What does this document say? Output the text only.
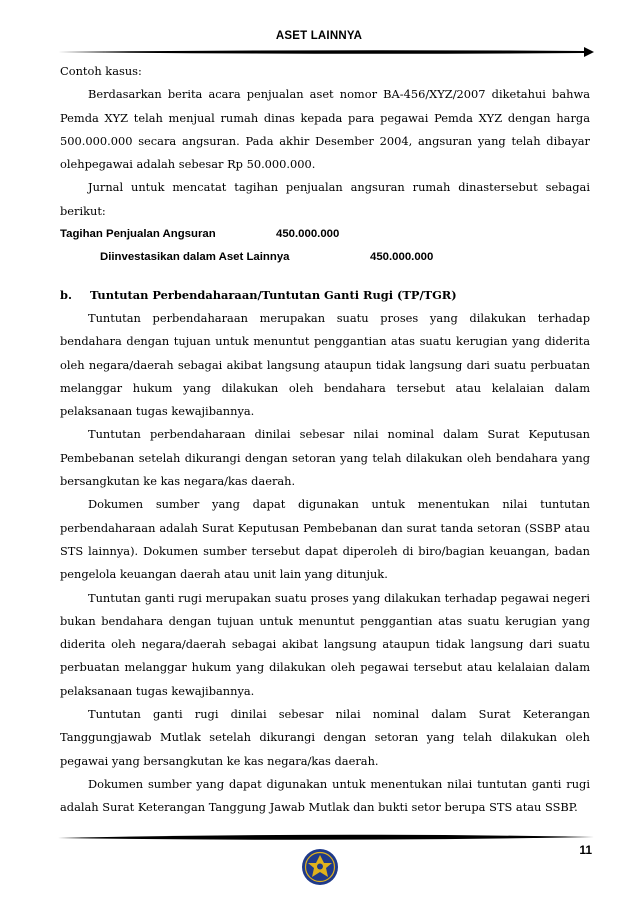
ASET LAINNYA

Contoh kasus:

Berdasarkan berita acara penjualan aset nomor BA-456/XYZ/2007 diketahui bahwa Pemda XYZ telah menjual rumah dinas kepada para pegawai Pemda XYZ dengan harga 500.000.000 secara angsuran. Pada akhir Desember 2004, angsuran yang telah dibayar olehpegawai adalah sebesar Rp 50.000.000.

Jurnal untuk mencatat tagihan penjualan angsuran rumah dinastersebut sebagai berikut:

Tagihan Penjualan Angsuran	450.000.000
Diinvestasikan dalam Aset Lainnya	450.000.000

b. Tuntutan Perbendaharaan/Tuntutan Ganti Rugi (TP/TGR)

Tuntutan perbendaharaan merupakan suatu proses yang dilakukan terhadap bendahara dengan tujuan untuk menuntut penggantian atas suatu kerugian yang diderita oleh negara/daerah sebagai akibat langsung ataupun tidak langsung dari suatu perbuatan melanggar hukum yang dilakukan oleh bendahara tersebut atau kelalaian dalam pelaksanaan tugas kewajibannya.

Tuntutan perbendaharaan dinilai sebesar nilai nominal dalam Surat Keputusan Pembebanan setelah dikurangi dengan setoran yang telah dilakukan oleh bendahara yang bersangkutan ke kas negara/kas daerah.

Dokumen sumber yang dapat digunakan untuk menentukan nilai tuntutan perbendaharaan adalah Surat Keputusan Pembebanan dan surat tanda setoran (SSBP atau STS lainnya). Dokumen sumber tersebut dapat diperoleh di biro/bagian keuangan, badan pengelola keuangan daerah atau unit lain yang ditunjuk.

Tuntutan ganti rugi merupakan suatu proses yang dilakukan terhadap pegawai negeri bukan bendahara dengan tujuan untuk menuntut penggantian atas suatu kerugian yang diderita oleh negara/daerah sebagai akibat langsung ataupun tidak langsung dari suatu perbuatan melanggar hukum yang dilakukan oleh pegawai tersebut atau kelalaian dalam pelaksanaan tugas kewajibannya.

Tuntutan ganti rugi dinilai sebesar nilai nominal dalam Surat Keterangan Tanggungjawab Mutlak setelah dikurangi dengan setoran yang telah dilakukan oleh pegawai yang bersangkutan ke kas negara/kas daerah.

Dokumen sumber yang dapat digunakan untuk menentukan nilai tuntutan ganti rugi adalah Surat Keterangan Tanggung Jawab Mutlak dan bukti setor berupa STS atau SSBP.

11
